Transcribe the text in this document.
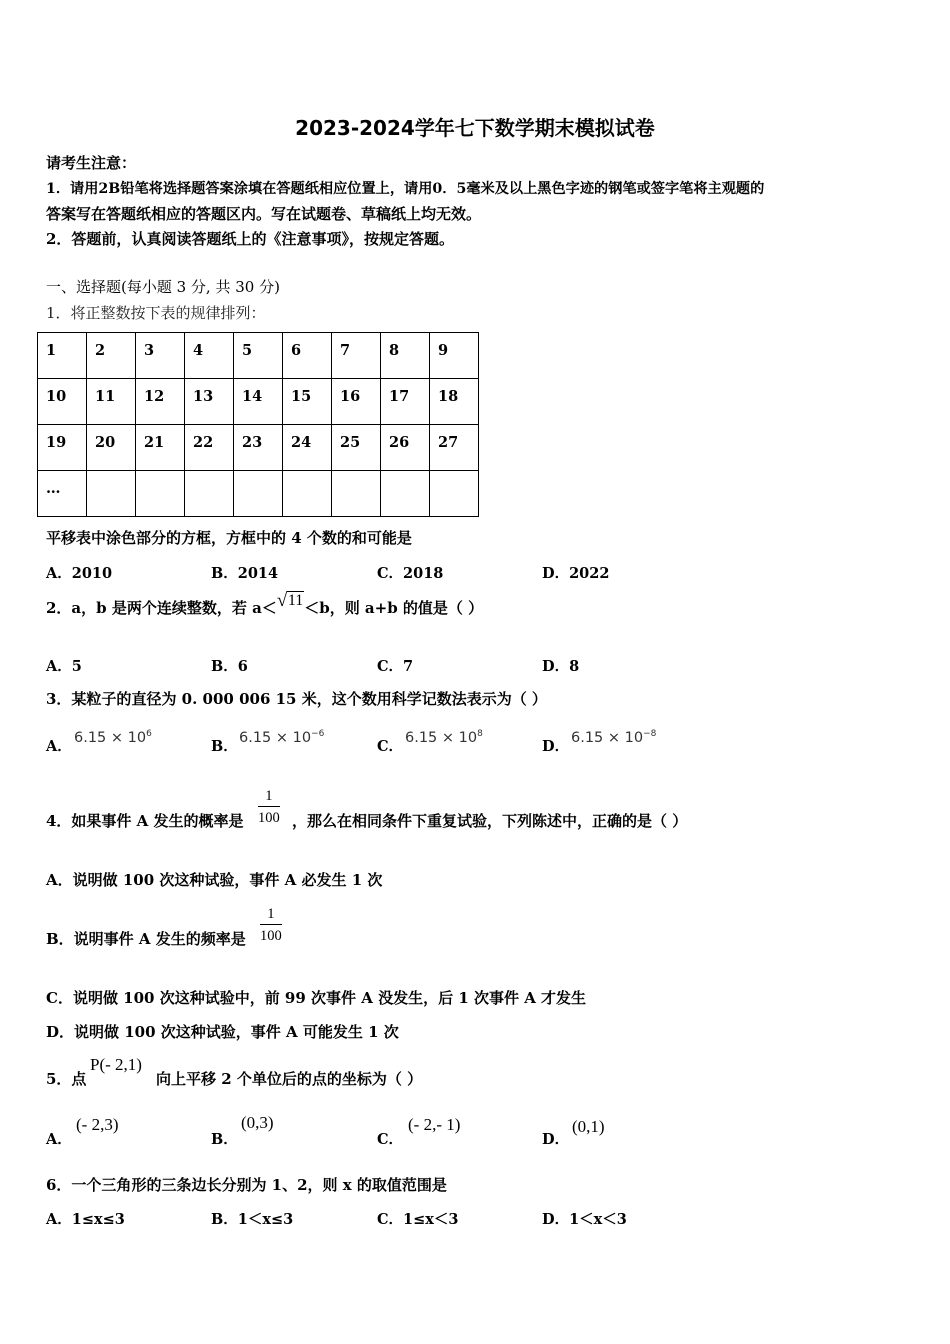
2023-2024学年七下数学期末模拟试卷
请考生注意：
1．请用2B铅笔将选择题答案涂填在答题纸相应位置上，请用0．5毫米及以上黑色字迹的钢笔或签字笔将主观题的
答案写在答题纸相应的答题区内。写在试题卷、草稿纸上均无效。
2．答题前，认真阅读答题纸上的《注意事项》，按规定答题。
一、选择题(每小题 3 分, 共 30 分)
1．将正整数按下表的规律排列：
1	2	3	4	5	6	7	8	9
10	11	12	13	14	15	16	17	18
19	20	21	22	23	24	25	26	27
…								
平移表中涂色部分的方框，方框中的 4 个数的和可能是
A．2010	B．2014	C．2018	D．2022
2．a，b 是两个连续整数，若 a＜ √ 11＜b，则 a+b 的值是（ ）
A．5	B．6	C．7	D．8
3．某粒子的直径为 0. 000 006 15 米，这个数用科学记数法表示为（ ）
A．
$6.15 \times 10^6$
B．
$6.15 \times 10^{-6}$
C．
$6.15 \times 10^8$
D．
$6.15 \times 10^{-8}$
4．如果事件 A 发生的概率是 $\frac{1}{100}$ ，那么在相同条件下重复试验，下列陈述中，正确的是（ ）
A．说明做 100 次这种试验，事件 A 必发生 1 次
B．说明事件 A 发生的频率是 $\frac{1}{100}$
C．说明做 100 次这种试验中，前 99 次事件 A 没发生，后 1 次事件 A 才发生
D．说明做 100 次这种试验，事件 A 可能发生 1 次
5．点
P(- 2,1)
向上平移 2 个单位后的点的坐标为（ ）
A．
(- 2,3)
B．
(0,3)
C．
(- 2,- 1)
D．
(0,1)
6．一个三角形的三条边长分别为 1、2，则 x 的取值范围是
A．1≤x≤3	B．1＜x≤3	C．1≤x＜3	D．1＜x＜3
